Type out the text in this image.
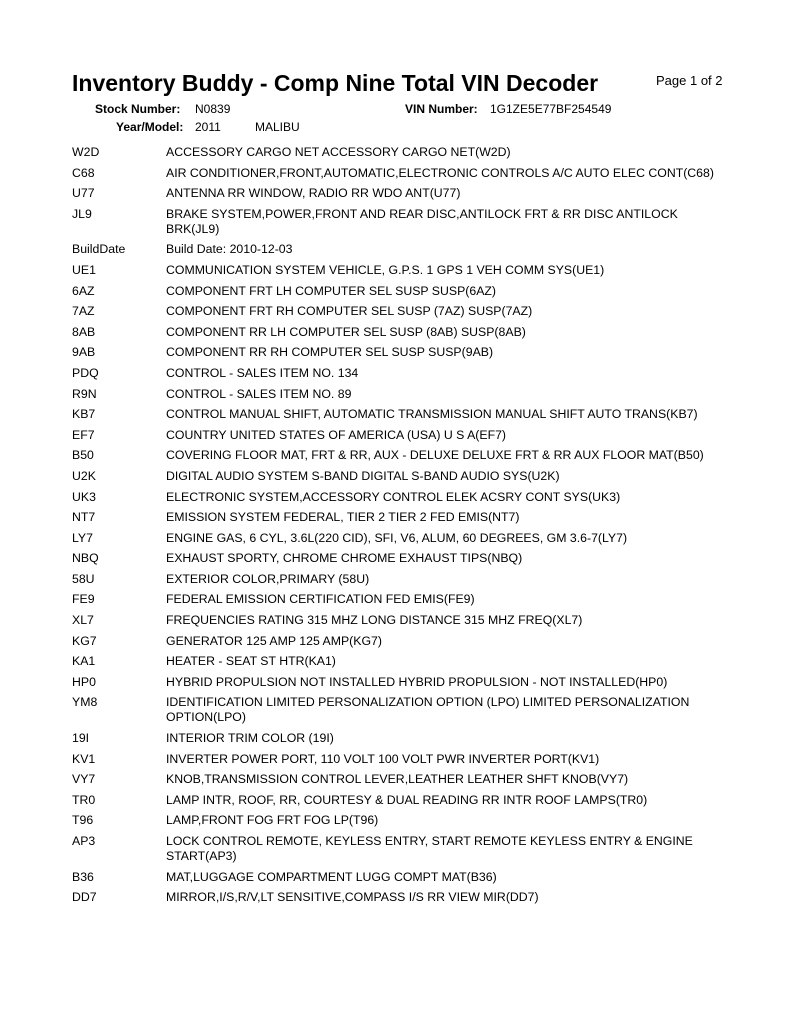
Inventory Buddy - Comp Nine Total VIN Decoder	Page 1 of 2
Stock Number: N0839	VIN Number: 1G1ZE5E77BF254549
Year/Model: 2011	MALIBU
W2D	ACCESSORY CARGO NET ACCESSORY CARGO NET(W2D)
C68	AIR CONDITIONER,FRONT,AUTOMATIC,ELECTRONIC CONTROLS A/C AUTO ELEC CONT(C68)
U77	ANTENNA RR WINDOW, RADIO RR WDO ANT(U77)
JL9	BRAKE SYSTEM,POWER,FRONT AND REAR DISC,ANTILOCK FRT & RR DISC ANTILOCK BRK(JL9)
BuildDate	Build Date: 2010-12-03
UE1	COMMUNICATION SYSTEM VEHICLE, G.P.S. 1 GPS 1 VEH COMM SYS(UE1)
6AZ	COMPONENT FRT LH COMPUTER SEL SUSP SUSP(6AZ)
7AZ	COMPONENT FRT RH COMPUTER SEL SUSP (7AZ) SUSP(7AZ)
8AB	COMPONENT RR LH COMPUTER SEL SUSP (8AB) SUSP(8AB)
9AB	COMPONENT RR RH COMPUTER SEL SUSP SUSP(9AB)
PDQ	CONTROL - SALES ITEM NO. 134
R9N	CONTROL - SALES ITEM NO. 89
KB7	CONTROL MANUAL SHIFT, AUTOMATIC TRANSMISSION MANUAL SHIFT AUTO TRANS(KB7)
EF7	COUNTRY UNITED STATES OF AMERICA (USA) U S A(EF7)
B50	COVERING FLOOR MAT, FRT & RR, AUX - DELUXE DELUXE FRT & RR AUX FLOOR MAT(B50)
U2K	DIGITAL AUDIO SYSTEM S-BAND DIGITAL S-BAND AUDIO SYS(U2K)
UK3	ELECTRONIC SYSTEM,ACCESSORY CONTROL ELEK ACSRY CONT SYS(UK3)
NT7	EMISSION SYSTEM FEDERAL, TIER 2 TIER 2 FED EMIS(NT7)
LY7	ENGINE GAS, 6 CYL, 3.6L(220 CID), SFI, V6, ALUM, 60 DEGREES, GM 3.6-7(LY7)
NBQ	EXHAUST SPORTY, CHROME CHROME EXHAUST TIPS(NBQ)
58U	EXTERIOR COLOR,PRIMARY (58U)
FE9	FEDERAL EMISSION CERTIFICATION FED EMIS(FE9)
XL7	FREQUENCIES RATING 315 MHZ LONG DISTANCE 315 MHZ FREQ(XL7)
KG7	GENERATOR 125 AMP 125 AMP(KG7)
KA1	HEATER - SEAT ST HTR(KA1)
HP0	HYBRID PROPULSION NOT INSTALLED HYBRID PROPULSION - NOT INSTALLED(HP0)
YM8	IDENTIFICATION LIMITED PERSONALIZATION OPTION (LPO) LIMITED PERSONALIZATION OPTION(LPO)
19I	INTERIOR TRIM COLOR (19I)
KV1	INVERTER POWER PORT, 110 VOLT 100 VOLT PWR INVERTER PORT(KV1)
VY7	KNOB,TRANSMISSION CONTROL LEVER,LEATHER LEATHER SHFT KNOB(VY7)
TR0	LAMP INTR, ROOF, RR, COURTESY & DUAL READING RR INTR ROOF LAMPS(TR0)
T96	LAMP,FRONT FOG FRT FOG LP(T96)
AP3	LOCK CONTROL REMOTE, KEYLESS ENTRY, START REMOTE KEYLESS ENTRY & ENGINE START(AP3)
B36	MAT,LUGGAGE COMPARTMENT LUGG COMPT MAT(B36)
DD7	MIRROR,I/S,R/V,LT SENSITIVE,COMPASS I/S RR VIEW MIR(DD7)
